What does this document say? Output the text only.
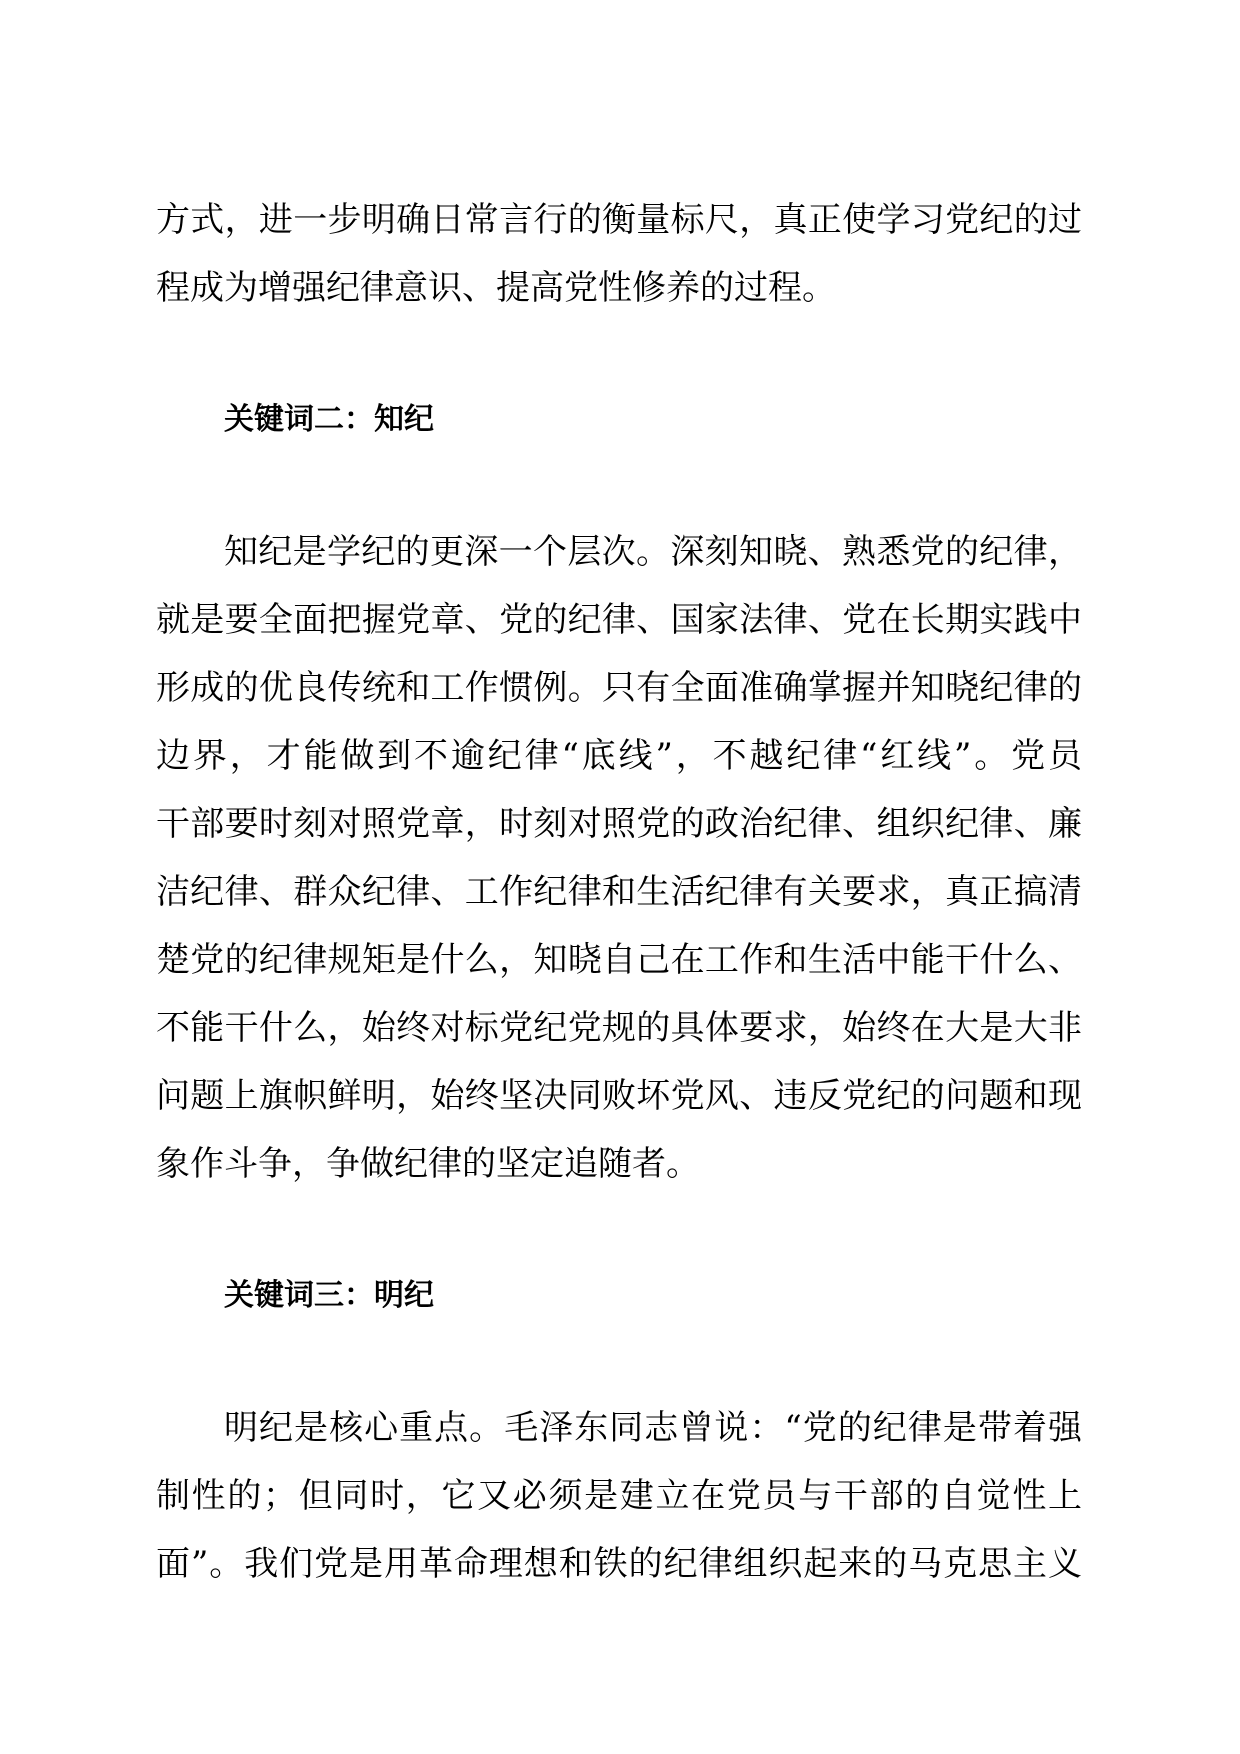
方式，进一步明确日常言行的衡量标尺，真正使学习党纪的过
程成为增强纪律意识、提高党性修养的过程。
关键词二：知纪
知纪是学纪的更深一个层次。深刻知晓、熟悉党的纪律，
就是要全面把握党章、党的纪律、国家法律、党在长期实践中
形成的优良传统和工作惯例。只有全面准确掌握并知晓纪律的
边界，才能做到不逾纪律“底线”，不越纪律“红线”。党员
干部要时刻对照党章，时刻对照党的政治纪律、组织纪律、廉
洁纪律、群众纪律、工作纪律和生活纪律有关要求，真正搞清
楚党的纪律规矩是什么，知晓自己在工作和生活中能干什么、
不能干什么，始终对标党纪党规的具体要求，始终在大是大非
问题上旗帜鲜明，始终坚决同败坏党风、违反党纪的问题和现
象作斗争，争做纪律的坚定追随者。
关键词三：明纪
明纪是核心重点。毛泽东同志曾说：“党的纪律是带着强
制性的；但同时，它又必须是建立在党员与干部的自觉性上
面”。我们党是用革命理想和铁的纪律组织起来的马克思主义
